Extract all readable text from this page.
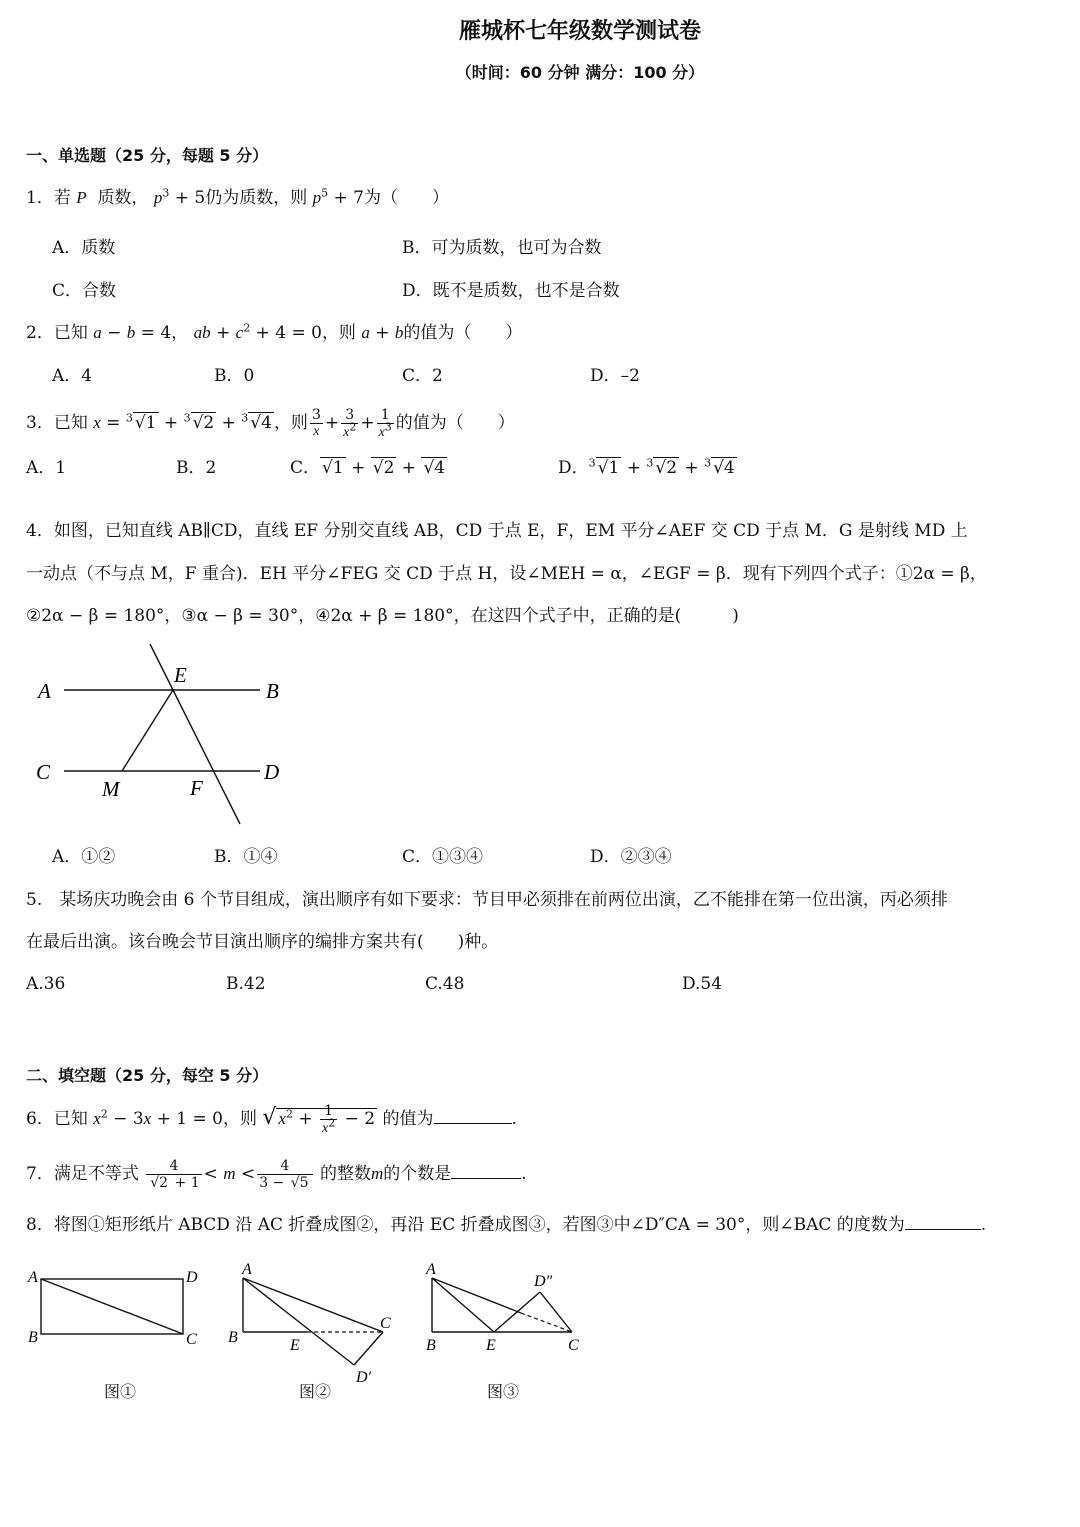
雁城杯七年级数学测试卷
（时间：60 分钟 满分：100 分）
一、单选题（25 分，每题 5 分）
1．若 P 质数， $p^3 + 5$仍为质数，则 $p^5 + 7$为（　　）
A．质数	B．可为质数，也可为合数
C．合数	D．既不是质数，也不是合数
2．已知 a − b = 4， ab + $c^2 + 4 = 0$，则 a + b的值为（　　）
A．4	B．0	C．2	D．–2
3．已知 x = $^3$ √1 + $^3$ √2 + $^3$ √4 ，则 $\frac{3}{x} + \frac{3}{x^2} + \frac{1}{x^3}$ 的值为（　　）
A．1	B．2	C． √1 + √2 + √4	D．$^3$ √1 + $^3$ √2 + $^3$ √4
4．如图，已知直线 AB∥CD，直线 EF 分别交直线 AB，CD 于点 E，F，EM 平分∠AEF 交 CD 于点 M．G 是射线 MD 上
一动点（不与点 M，F 重合)．EH 平分∠FEG 交 CD 于点 H，设∠MEH = α，∠EGF = β．现有下列四个式子：①2α = β，
②2α − β = 180°，③α − β = 30°，④2α + β = 180°，在这四个式子中，正确的是(　　　)
A	B
C	D
E
F
M
A．①②	B．①④	C．①③④	D．②③④
5.　某场庆功晚会由 6 个节目组成，演出顺序有如下要求：节目甲必须排在前两位出演，乙不能排在第一位出演，丙必须排
在最后出演。该台晚会节目演出顺序的编排方案共有(　　)种。
A.36	B.42	C.48	D.54
二、填空题（25 分，每空 5 分）
6．已知 $x^2 - 3x + 1 = 0$，则 √ $x^2 + \frac{1}{x^2} - 2$ 的值为	.
7．满足不等式 $\frac{4}{√2 + 1} < m < \frac{4}{3 - √5}$ 的整数m的个数是	.
8．将图①矩形纸片 ABCD 沿 AC 折叠成图②，再沿 EC 折叠成图③，若图③中∠D″CA = 30°，则∠BAC 的度数为	.
A	D
B	C
图①
A
B	E
C
D′
图②
A
B	E	C
D″
图③
